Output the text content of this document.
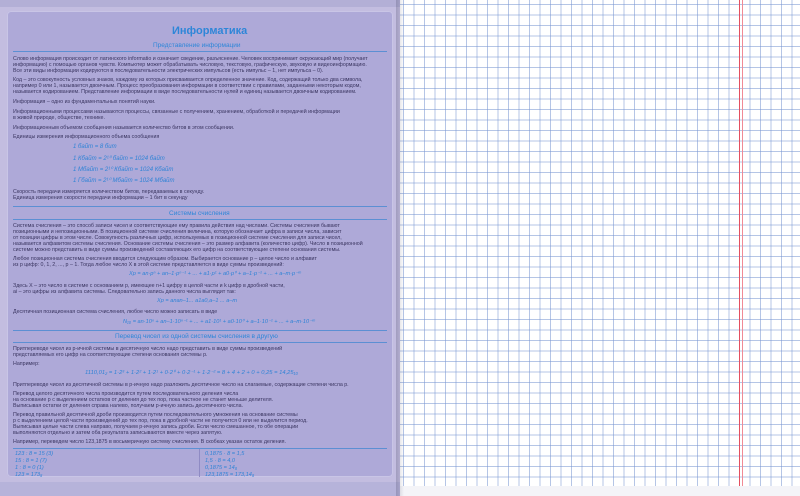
Информатика
Представление информации
Слово информация происходит от латинского informatio и означает сведение, разъяснение. Человек воспринимает окружающий мир (получает
информацию) с помощью органов чувств. Компьютер может обрабатывать числовую, текстовую, графическую, звуковую и видеоинформацию.
Все эти виды информации кодируются в последовательности электрических импульсов (есть импульс – 1, нет импульса – 0).
Код – это совокупность условных знаков, каждому из которых присваивается определенное значение. Код, содержащий только два символа,
например 0 или 1, называется двоичным. Процесс преобразования информации в соответствии с правилами, заданными некоторым кодом,
называется кодированием. Представление информации в виде последовательности нулей и единиц называется двоичным кодированием.
Информация – одно из фундаментальных понятий науки.
Информационными процессами называются процессы, связанные с получением, хранением, обработкой и передачей информации
в живой природе, обществе, технике.
Информационным объемом сообщения называется количество битов в этом сообщении.
Единицы измерения информационного объема сообщения
1 байт = 8 бит
1 Кбайт = 2¹⁰ байт = 1024 байт
1 Мбайт = 2¹⁰ Кбайт = 1024 Кбайт
1 Гбайт = 2¹⁰ Мбайт = 1024 Мбайт
Скорость передачи измеряется количеством битов, передаваемых в секунду.
Единица измерения скорости передачи информации – 1 бит в секунду
Системы счисления
Система счисления – это способ записи чисел и соответствующие ему правила действия над числами. Системы счисления бывают
позиционными и непозиционными. В позиционной системе счисления величина, которую обозначает цифра в записи числа, зависит
от позиции цифры в этом числе. Совокупность различных цифр, используемых в позиционной системе счисления для записи чисел,
называется алфавитом системы счисления. Основание системы счисления – это размер алфавита (количество цифр). Число в позиционной
системе можно представить в виде суммы произведений составляющих его цифр на соответствующие степени основания системы.
Любое позиционная система счисления вводится следующим образом. Выбирается основание p – целое число и алфавит
из p цифр: 0, 1, 2, ..., p – 1. Тогда любое число X в этой системе представляется в виде суммы произведений:
Xp = an·pⁿ + an–1·pⁿ⁻¹ + ... + a1·p¹ + a0·p⁰ + a–1·p⁻¹ + ... + a–m·p⁻ᵐ
Здесь X – это число в системе с основанием p, имеющее n+1 цифру в целой части и k цифр в дробной части,
ai – это цифры из алфавита системы. Следовательно запись данного числа выглядит так:
Xp = anan–1... a1a0,a–1 ... a–m
Десятичная позиционная система счисления, любое число можно записать в виде
N₁₀ = an·10ⁿ + an–1·10ⁿ⁻¹ + ... + a1·10¹ + a0·10⁰ + a–1·10⁻¹ + ... + a–m·10⁻ᵐ
Перевод чисел из одной системы счисления в другую
Притпереводе чисел из p-ичной системы в десятичную число надо представить в виде суммы произведений
представляемых его цифр на соответствующие степени основания системы p.
Например:
1110,01₂ = 1·2³ + 1·2² + 1·2¹ + 0·2⁰ + 0·2⁻¹ + 1·2⁻² = 8 + 4 + 2 + 0 + 0,25 = 14,25₁₀
Притпереводе чисел из десятичной системы в p-ичную надо разложить десятичное число на слагаемые, содержащие степени числа p.
Перевод целого десятичного числа производится путем последовательного деления числа
на основание p с выделением остатков от деления до тех пор, пока частное не станет меньше делителя.
Выписывая остатки от деления справа налево, получаем p-ичную запись десятичного числа.
Перевод правильной десятичной дроби производится путем последовательного умножения на основание системы
p с выделением целой части произведений до тех пор, пока в дробной части не получится 0 или не выделится период.
Выписывая целые части слева направо, получаем p-ичную запись дроби. Если число смешанное, то обе операции
выполняются отдельно и затем оба результата записываются вместе через запятую.
Например, переведем число 123,1875 в восьмеричную систему счисления. В скобках указан остаток деления.
123 : 8 = 15 (3)
15 : 8 = 1 (7)
1 : 8 = 0 (1)
123 = 173₈
0,1875 · 8 = 1,5
1,5 · 8 = 4,0
0,1875 = 14₈
123,1875 = 173,14₈
